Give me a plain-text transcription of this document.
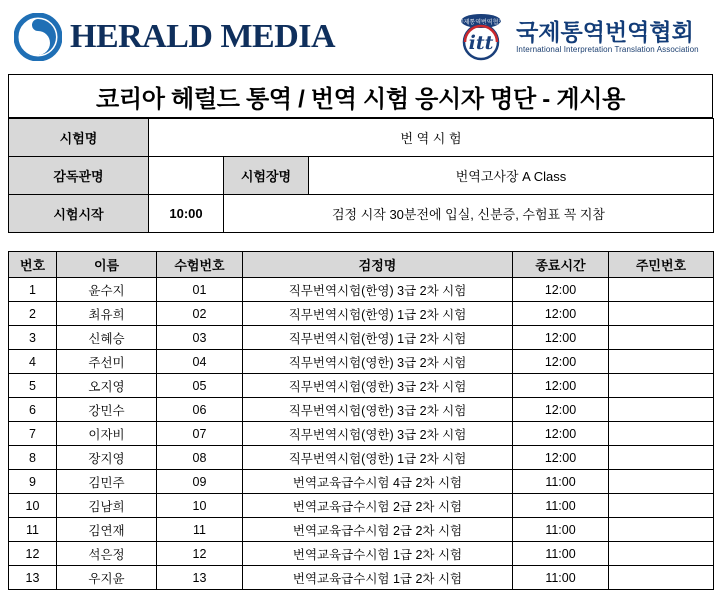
HERALD MEDIA	국제통역번역협회
itt 국제통역번역협회
International Interpretation Translation Association
코리아 헤럴드 통역 / 번역 시험 응시자 명단 - 게시용
시험명	번 역 시 험		
감독관명		시험장명	번역고사장 A Class
시험시작	10:00	검정 시작 30분전에 입실, 신분증, 수험표 꼭 지참	
번호	이름	수험번호	검정명	종료시간	주민번호
1	윤수지	01	직무번역시험(한영) 3급 2차 시험	12:00	
2	최유희	02	직무번역시험(한영) 1급 2차 시험	12:00	
3	신혜승	03	직무번역시험(한영) 1급 2차 시험	12:00	
4	주선미	04	직무번역시험(영한) 3급 2차 시험	12:00	
5	오지영	05	직무번역시험(영한) 3급 2차 시험	12:00	
6	강민수	06	직무번역시험(영한) 3급 2차 시험	12:00	
7	이자비	07	직무번역시험(영한) 3급 2차 시험	12:00	
8	장지영	08	직무번역시험(영한) 1급 2차 시험	12:00	
9	김민주	09	번역교육급수시험 4급 2차 시험	11:00	
10	김남희	10	번역교육급수시험 2급 2차 시험	11:00	
11	김연재	11	번역교육급수시험 2급 2차 시험	11:00	
12	석은정	12	번역교육급수시험 1급 2차 시험	11:00	
13	우지윤	13	번역교육급수시험 1급 2차 시험	11:00	
